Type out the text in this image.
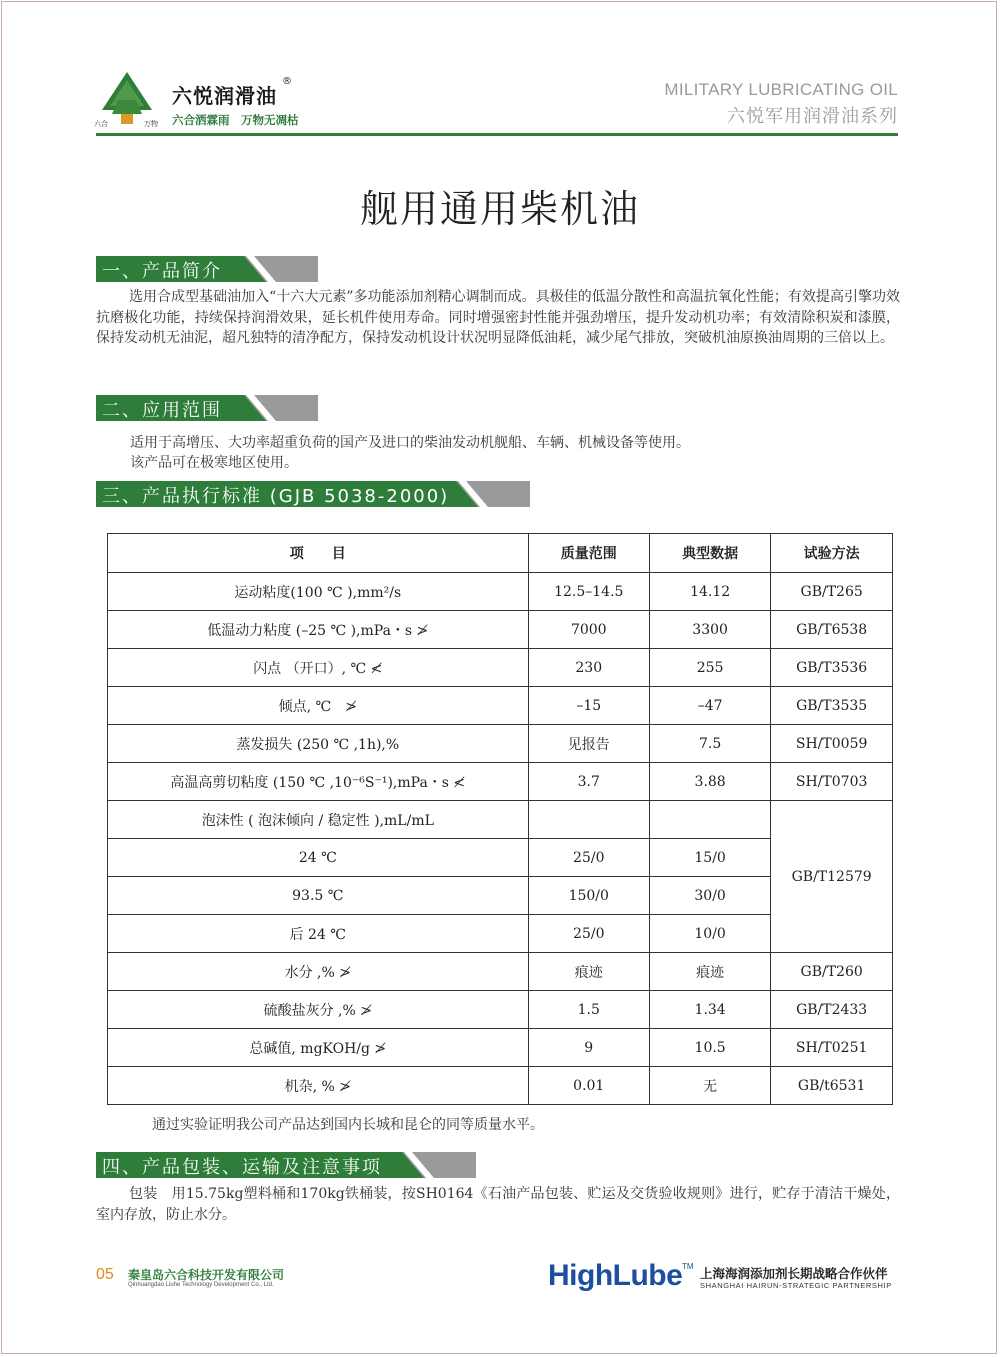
六合	万物
六悦润滑油
®
六合洒霖雨　万物无凋枯
MILITARY LUBRICATING OIL
六悦军用润滑油系列
舰用通用柴机油
一、产品简介
选用合成型基础油加入“十六大元素”多功能添加剂精心调制而成。具极佳的低温分散性和高温抗氧化性能；有效提高引擎功效抗磨极化功能，持续保持润滑效果，延长机件使用寿命。同时增强密封性能并强劲增压，提升发动机功率；有效清除积炭和漆膜，保持发动机无油泥，超凡独特的清净配方，保持发动机设计状况明显降低油耗，减少尾气排放，突破机油原换油周期的三倍以上。
二、应用范围
适用于高增压、大功率超重负荷的国产及进口的柴油发动机舰船、车辆、机械设备等使用。
该产品可在极寒地区使用。
三、产品执行标准 (GJB 5038-2000)
项　　目	质量范围	典型数据	试验方法
运动粘度(100 ℃ ),mm²/s	12.5–14.5	14.12	GB/T265
低温动力粘度 (–25 ℃ ),mPa・s ≯	7000	3300	GB/T6538
闪点 （开口）, ℃ ≮	230	255	GB/T3536
倾点, ℃　≯	–15	–47	GB/T3535
蒸发损失 (250 ℃ ,1h),%	见报告	7.5	SH/T0059
高温高剪切粘度 (150 ℃ ,10⁻⁶S⁻¹),mPa・s ≮	3.7	3.88	SH/T0703
泡沫性 ( 泡沫倾向 / 稳定性 ),mL/mL			GB/T12579
24 ℃	25/0	15/0	
93.5 ℃	150/0	30/0	
后 24 ℃	25/0	10/0	
水分 ,% ≯	痕迹	痕迹	GB/T260
硫酸盐灰分 ,% ≯	1.5	1.34	GB/T2433
总碱值, mgKOH/g ≯	9	10.5	SH/T0251
机杂, % ≯	0.01	无	GB/t6531
通过实验证明我公司产品达到国内长城和昆仑的同等质量水平。
四、产品包装、运输及注意事项
包装　用15.75kg塑料桶和170kg铁桶装，按SH0164《石油产品包装、贮运及交货验收规则》进行，贮存于清洁干燥处，室内存放，防止水分。
05 秦皇岛六合科技开发有限公司
Qinhuangdao Liuhe Technology Development Co., Ltd.	HighLube TM 上海海润添加剂长期战略合作伙伴
SHANGHAI HAIRUN-STRATEGIC PARTNERSHIP
